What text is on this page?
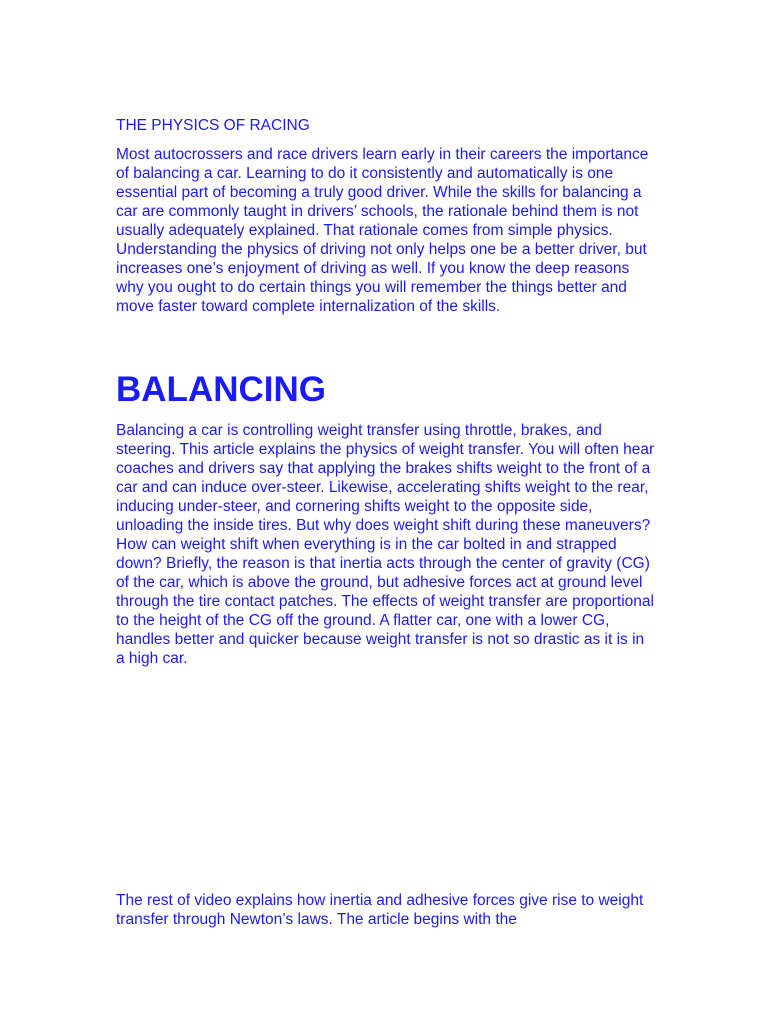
THE PHYSICS OF RACING
Most autocrossers and race drivers learn early in their careers the importance of balancing a car. Learning to do it consistently and automatically is one essential part of becoming a truly good driver. While the skills for balancing a car are commonly taught in drivers’ schools, the rationale behind them is not usually adequately explained. That rationale comes from simple physics. Understanding the physics of driving not only helps one be a better driver, but increases one’s enjoyment of driving as well. If you know the deep reasons why you ought to do certain things you will remember the things better and move faster toward complete internalization of the skills.
BALANCING
Balancing a car is controlling weight transfer using throttle, brakes, and steering. This article explains the physics of weight transfer. You will often hear coaches and drivers say that applying the brakes shifts weight to the front of a car and can induce over-steer. Likewise, accelerating shifts weight to the rear, inducing under-steer, and cornering shifts weight to the opposite side, unloading the inside tires. But why does weight shift during these maneuvers? How can weight shift when everything is in the car bolted in and strapped down? Briefly, the reason is that inertia acts through the center of gravity (CG) of the car, which is above the ground, but adhesive forces act at ground level through the tire contact patches. The effects of weight transfer are proportional to the height of the CG off the ground. A flatter car, one with a lower CG, handles better and quicker because weight transfer is not so drastic as it is in a high car.
The rest of video explains how inertia and adhesive forces give rise to weight transfer through Newton’s laws. The article begins with the
